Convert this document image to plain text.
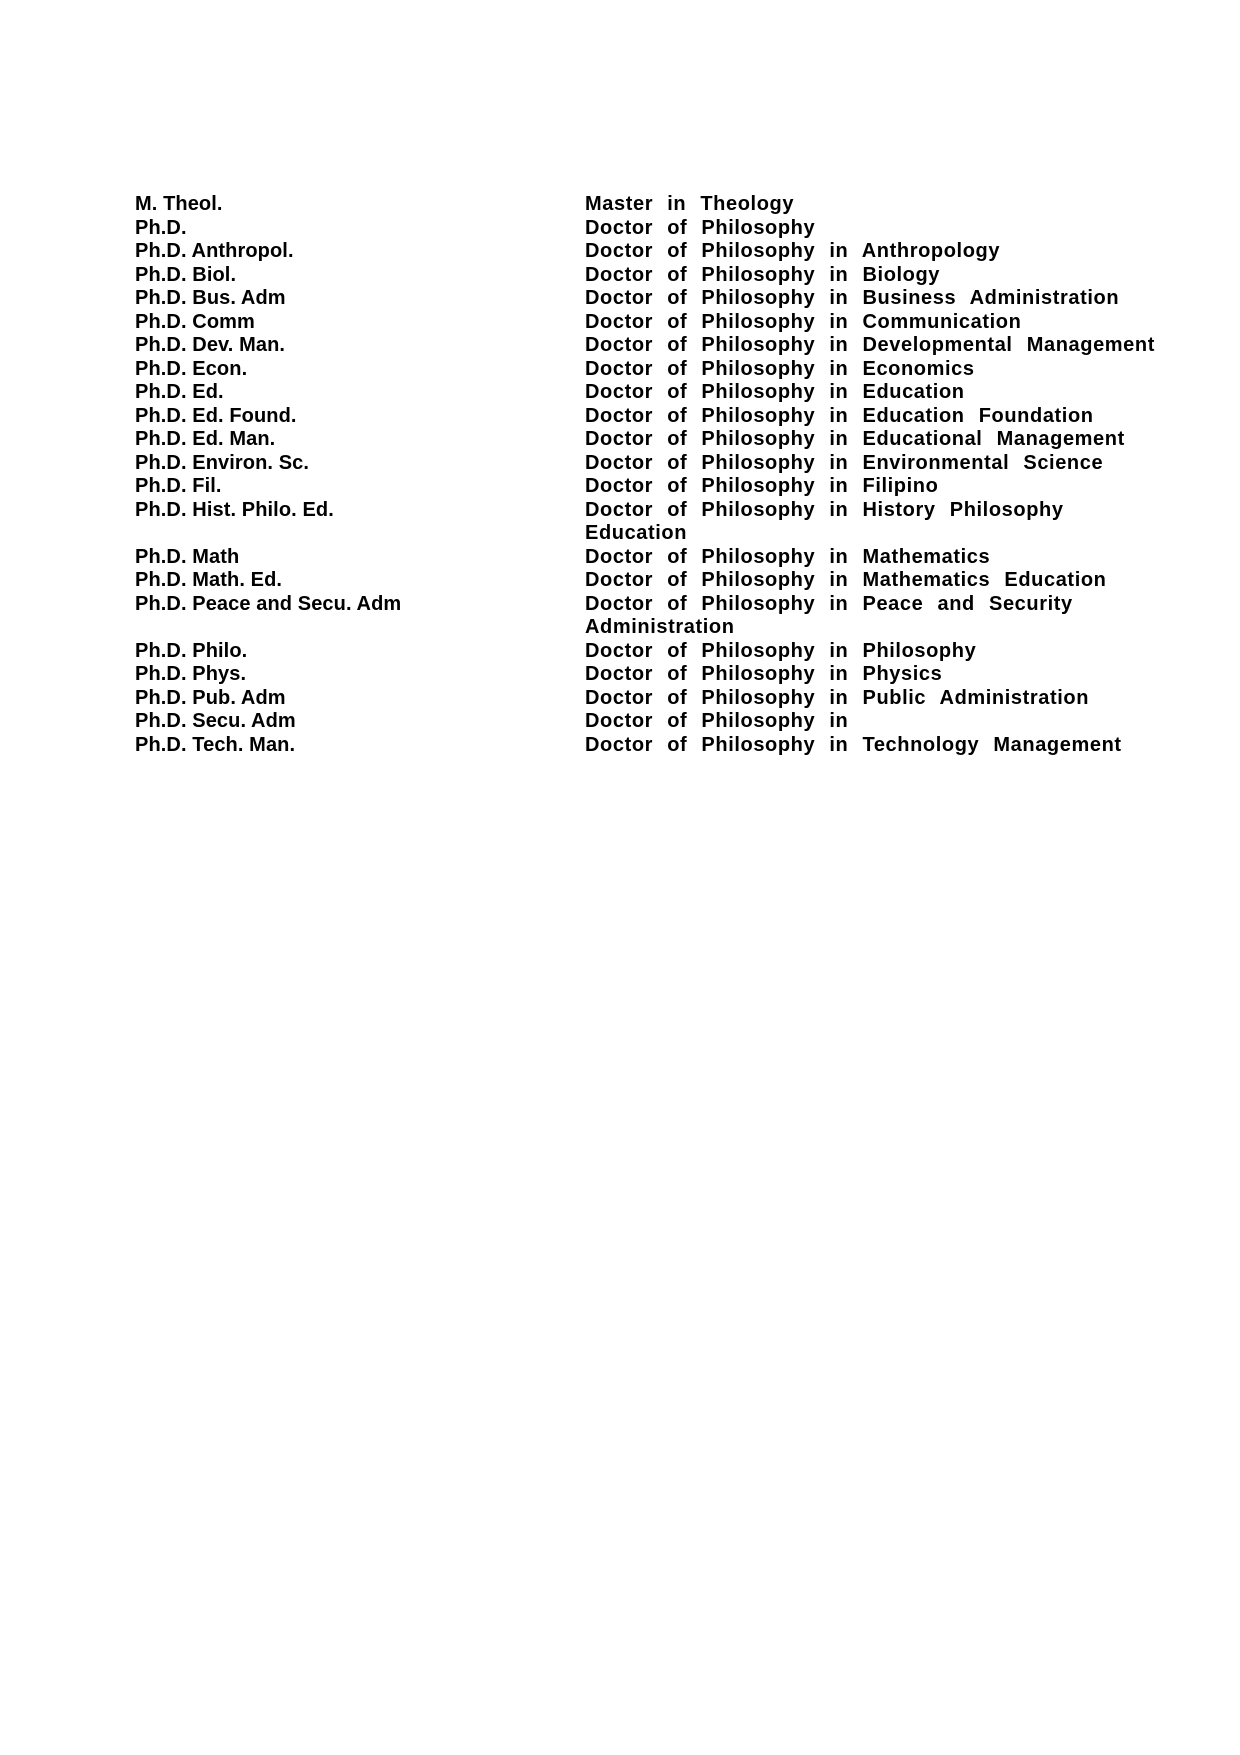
M. Theol.	Master in Theology
Ph.D.	Doctor of Philosophy
Ph.D. Anthropol.	Doctor of Philosophy in Anthropology
Ph.D. Biol.	Doctor of Philosophy in Biology
Ph.D. Bus. Adm	Doctor of Philosophy in Business Administration
Ph.D. Comm	Doctor of Philosophy in Communication
Ph.D. Dev. Man.	Doctor of Philosophy in Developmental Management
Ph.D. Econ.	Doctor of Philosophy in Economics
Ph.D. Ed.	Doctor of Philosophy in Education
Ph.D. Ed. Found.	Doctor of Philosophy in Education Foundation
Ph.D. Ed. Man.	Doctor of Philosophy in Educational Management
Ph.D. Environ. Sc.	Doctor of Philosophy in Environmental Science
Ph.D. Fil.	Doctor of Philosophy in Filipino
Ph.D. Hist. Philo. Ed.	Doctor of Philosophy in History Philosophy Education
Ph.D. Math	Doctor of Philosophy in Mathematics
Ph.D. Math. Ed.	Doctor of Philosophy in Mathematics Education
Ph.D. Peace and Secu. Adm	Doctor of Philosophy in Peace and Security Administration
Ph.D. Philo.	Doctor of Philosophy in Philosophy
Ph.D. Phys.	Doctor of Philosophy in Physics
Ph.D. Pub. Adm	Doctor of Philosophy in Public Administration
Ph.D. Secu. Adm	Doctor of Philosophy in
Ph.D. Tech. Man.	Doctor of Philosophy in Technology Management
